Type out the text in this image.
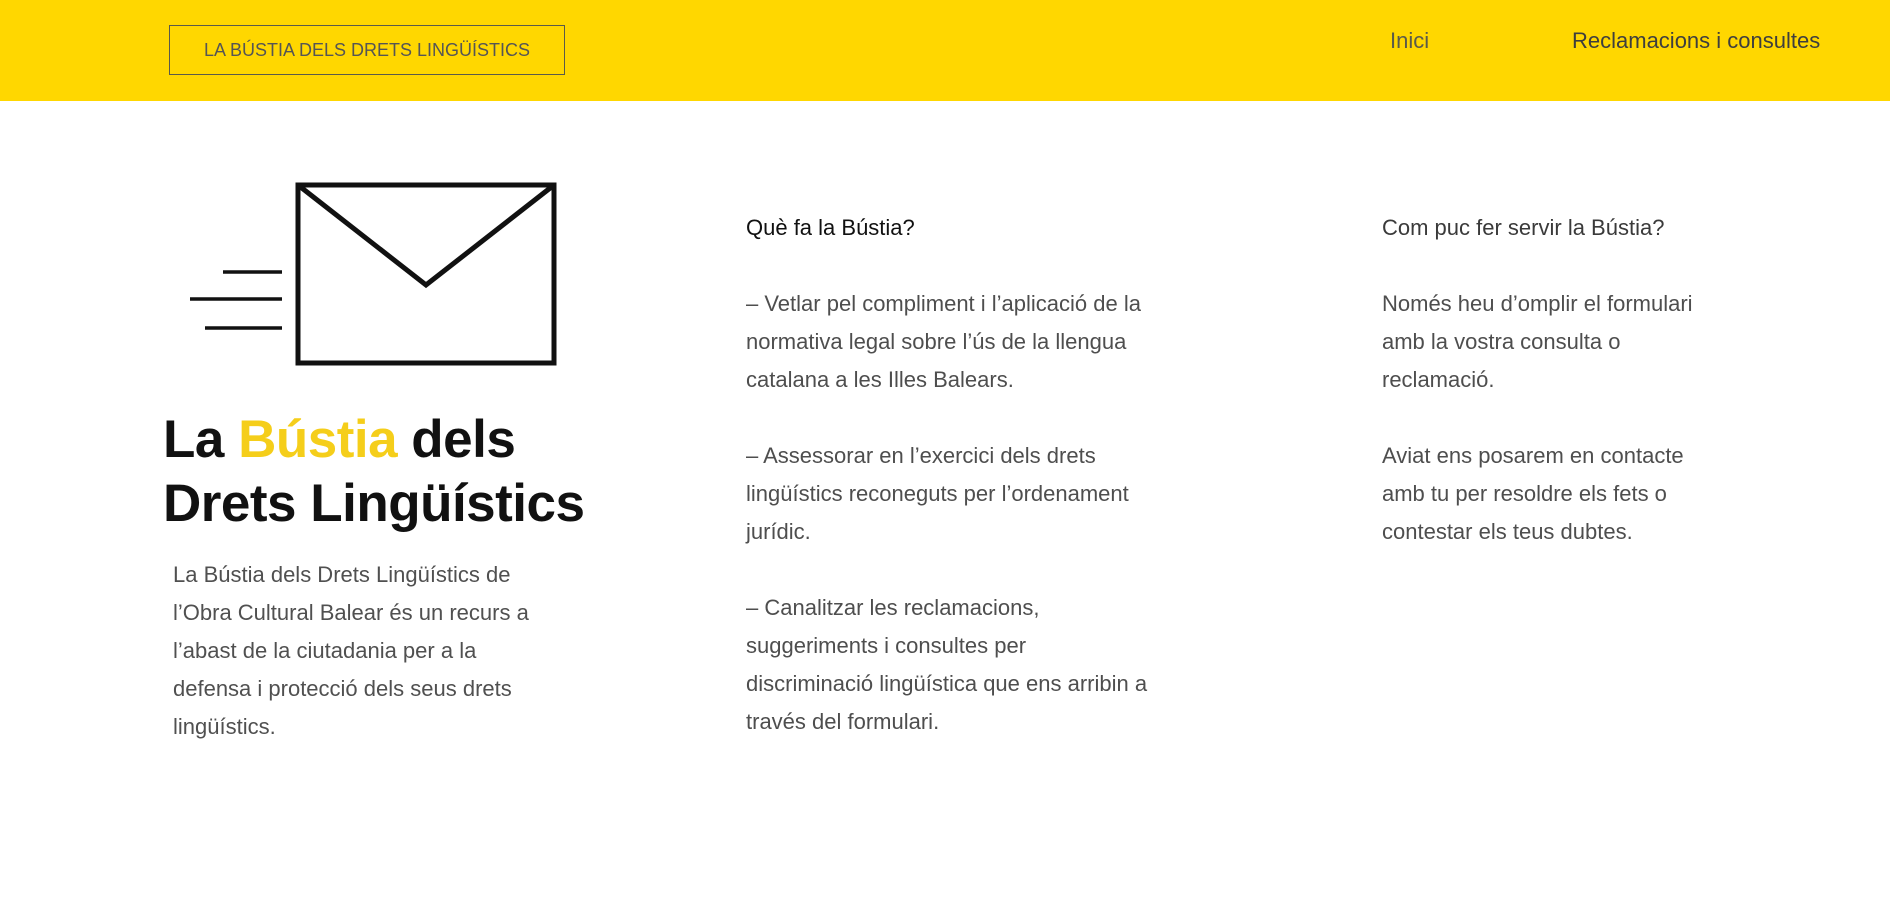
LA BÚSTIA DELS DRETS LINGÜÍSTICS	Inici	Reclamacions i consultes
La Bústia dels
Drets Lingüístics
La Bústia dels Drets Lingüístics de l’Obra Cultural Balear és un recurs a l’abast de la ciutadania per a la defensa i protecció dels seus drets lingüístics.
Què fa la Bústia?
– Vetlar pel compliment i l’aplicació de la normativa legal sobre l’ús de la llengua catalana a les Illes Balears.
– Assessorar en l’exercici dels drets lingüístics reconeguts per l’ordenament jurídic.
– Canalitzar les reclamacions, suggeriments i consultes per discriminació lingüística que ens arribin a través del formulari.
Com puc fer servir la Bústia?
Només heu d’omplir el formulari amb la vostra consulta o reclamació.
Aviat ens posarem en contacte amb tu per resoldre els fets o contestar els teus dubtes.
